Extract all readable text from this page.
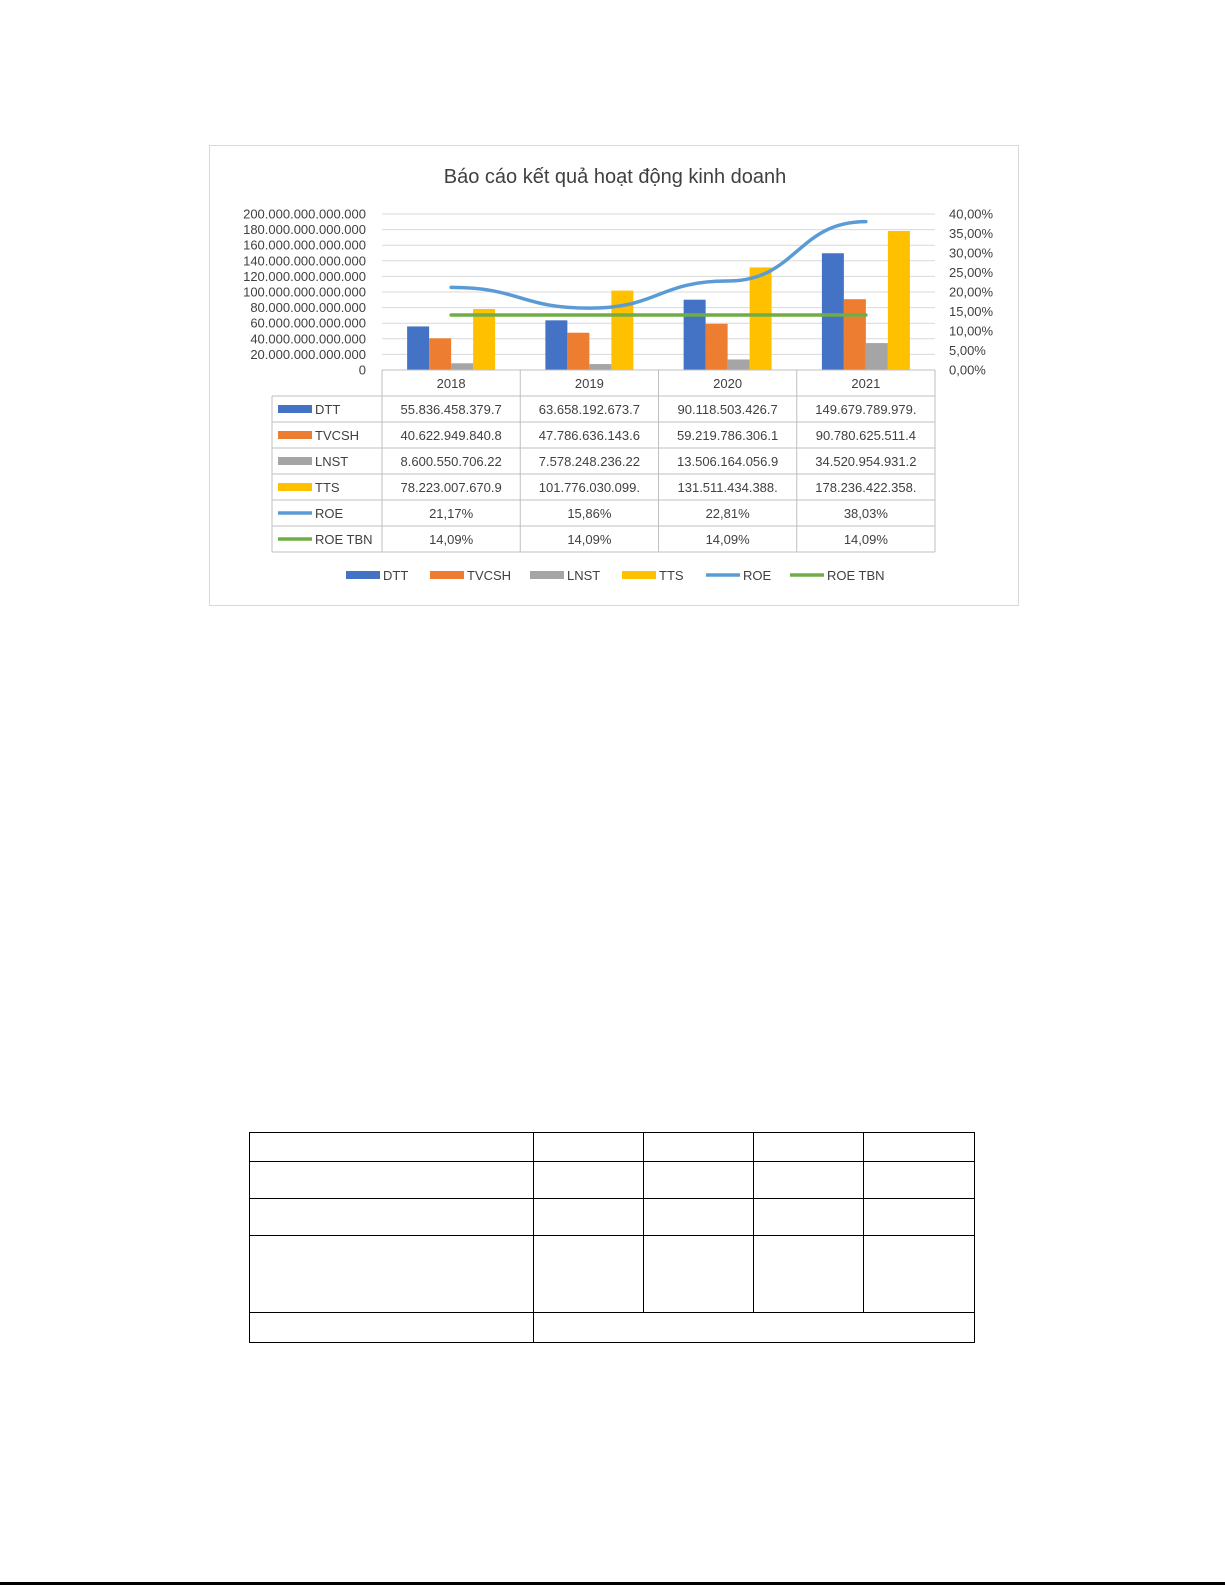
Báo cáo kết quả hoạt động kinh doanh
0
20.000.000.000.000
40.000.000.000.000
60.000.000.000.000
80.000.000.000.000
100.000.000.000.000
120.000.000.000.000
140.000.000.000.000
160.000.000.000.000
180.000.000.000.000
200.000.000.000.000
0,00%
5,00%
10,00%
15,00%
20,00%
25,00%
30,00%
35,00%
40,00%
2018	2019	2020	2021
DTT	55.836.458.379.7	63.658.192.673.7	90.118.503.426.7	149.679.789.979.
TVCSH	40.622.949.840.8	47.786.636.143.6	59.219.786.306.1	90.780.625.511.4
LNST	8.600.550.706.22	7.578.248.236.22	13.506.164.056.9	34.520.954.931.2
TTS	78.223.007.670.9	101.776.030.099.	131.511.434.388.	178.236.422.358.
ROE	21,17%	15,86%	22,81%	38,03%
ROE TBN	14,09%	14,09%	14,09%	14,09%
DTT	TVCSH	LNST	TTS	ROE	ROE TBN
